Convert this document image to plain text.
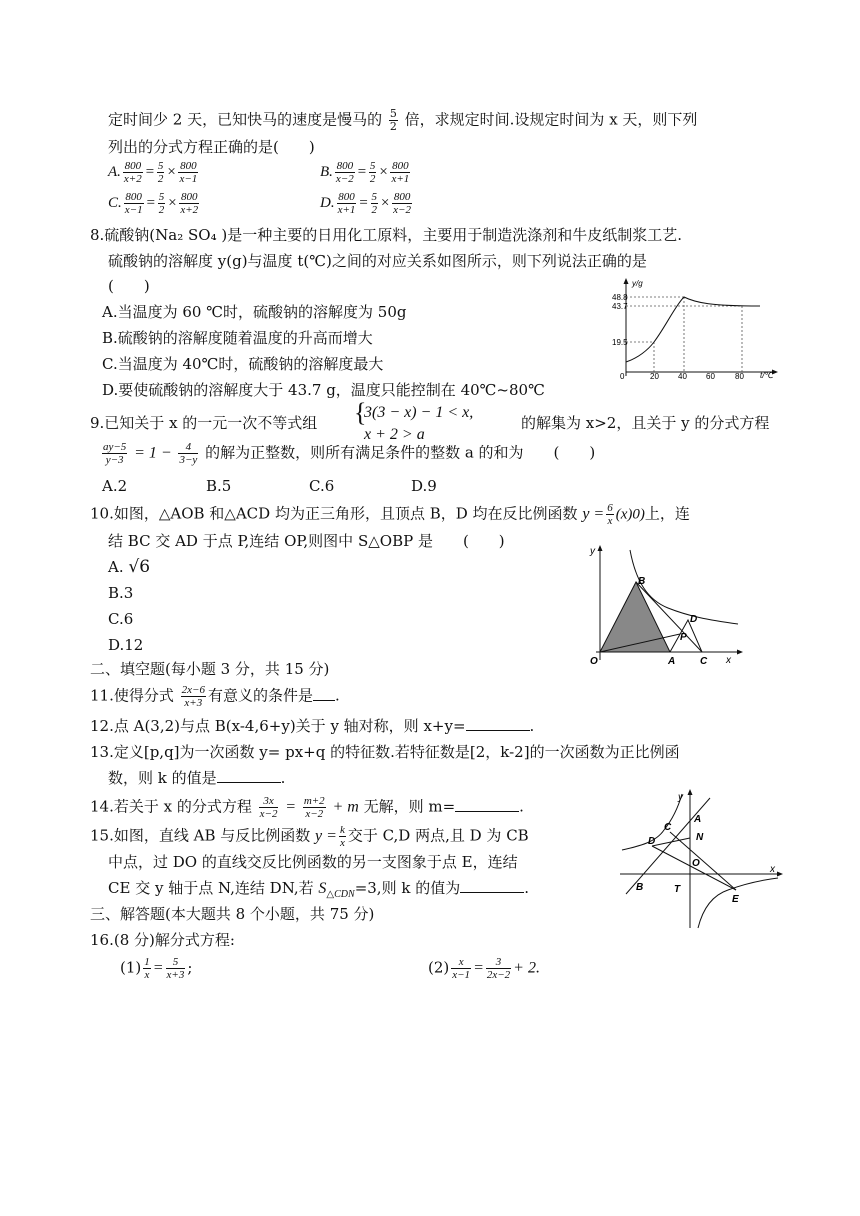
定时间少 2 天，已知快马的速度是慢马的 $\frac{5}{2}$ 倍，求规定时间.设规定时间为 x 天，则下列
列出的分式方程正确的是(　　)
A. $\frac{800}{x+2} = \frac{5}{2} \times \frac{800}{x-1}$	B. $\frac{800}{x-2} = \frac{5}{2} \times \frac{800}{x+1}$
C. $\frac{800}{x-1} = \frac{5}{2} \times \frac{800}{x+2}$	D. $\frac{800}{x+1} = \frac{5}{2} \times \frac{800}{x-2}$
8.硫酸钠(Na₂ SO₄ )是一种主要的日用化工原料，主要用于制造洗涤剂和牛皮纸制浆工艺.
硫酸钠的溶解度 y(g)与温度 t(℃)之间的对应关系如图所示，则下列说法正确的是
(　　)
A.当温度为 60 ℃时，硫酸钠的溶解度为 50g
B.硫酸钠的溶解度随着温度的升高而增大
C.当温度为 40℃时，硫酸钠的溶解度最大
D.要使硫酸钠的溶解度大于 43.7 g，温度只能控制在 40℃~80℃
y/g
t/℃
0
48.8
43.7
19.5
20 40 60	80
9.已知关于 x 的一元一次不等式组 {
3(3 − x) − 1 < x,
x + 2 > a
的解集为 x>2，且关于 y 的分式方程
$\frac{ay-5}{y-3} = 1 - \frac{4}{3-y}$ 的解为正整数，则所有满足条件的整数 a 的和为　　(　　)
A.2	B.5	C.6	D.9
10.如图，△AOB 和△ACD 均为正三角形，且顶点 B，D 均在反比例函数 $y = \frac{6}{x} (x)0$)上，连
结 BC 交 AD 于点 P,连结 OP,则图中 S△OBP 是　　(　　)
A. √6
B.3
C.6
D.12
y
B
D
P
O	A C x
二、填空题(每小题 3 分，共 15 分)
11.使得分式 $\frac{2x-6}{x+3}$ 有意义的条件是 .
12.点 A(3,2)与点 B(x-4,6+y)关于 y 轴对称，则 x+y=	.
13.定义[p,q]为一次函数 y= px+q 的特征数.若特征数是[2，k-2]的一次函数为正比例函
数，则 k 的值是	.
14.若关于 x 的分式方程 $\frac{3x}{x-2} = \frac{m+2}{x-2} + m$ 无解，则 m=	.
15.如图，直线 AB 与反比例函数 $y = \frac{k}{x}$ 交于 C,D 两点,且 D 为 CB
中点，过 DO 的直线交反比例函数的另一支图象于点 E，连结
CE 交 y 轴于点 N,连结 DN,若 $S_{\triangle CDN}=3$,则 k 的值为	.
y
A
C
D	N
O
B	T
E
x
三、解答题(本大题共 8 个小题，共 75 分)
16.(8 分)解分式方程:
$(1) \frac{1}{x} = \frac{5}{x+3}$ ;	$(2) \frac{x}{x-1} = \frac{3}{2x-2} + 2$.
